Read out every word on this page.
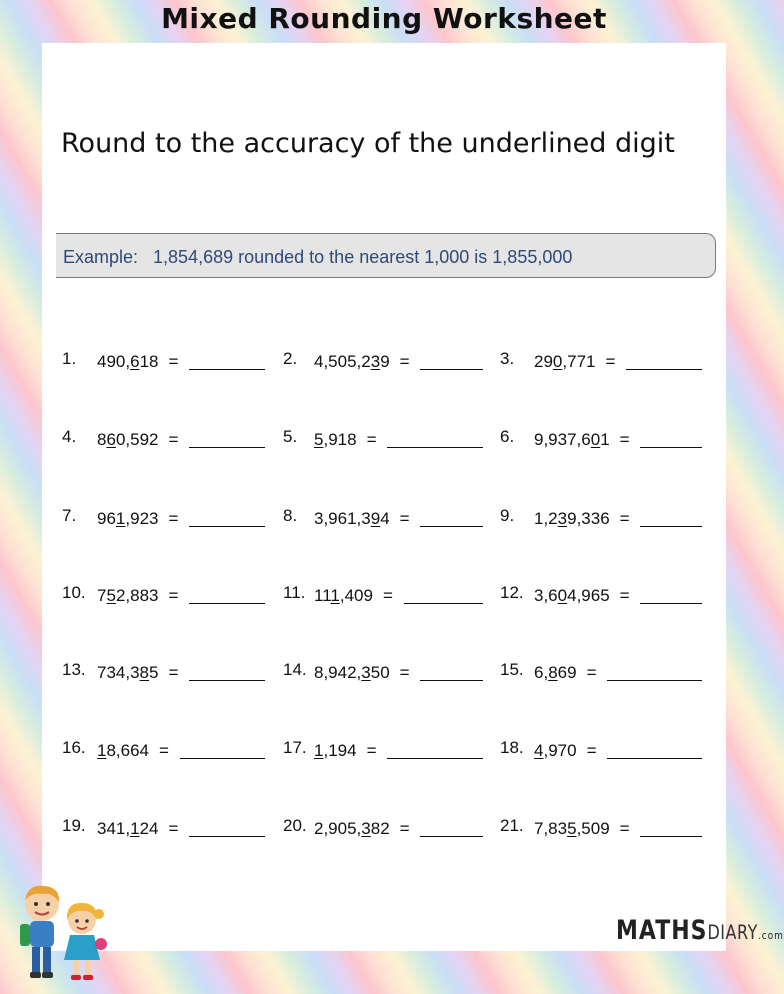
Mixed Rounding Worksheet
Round to the accuracy of the underlined digit
Example:   1,854,689 rounded to the nearest 1,000 is 1,855,000
1. 490,618 =	2. 4,505,239 =	3. 290,771 =
4. 860,592 =	5. 5,918 =	6. 9,937,601 =
7. 961,923 =	8. 3,961,394 =	9. 1,239,336 =
10. 752,883 =	11. 111,409 =	12. 3,604,965 =
13. 734,385 =	14. 8,942,350 =	15. 6,869 =
16. 18,664 =	17. 1,194 =	18. 4,970 =
19. 341,124 =	20. 2,905,382 =	21. 7,835,509 =
MATHSDIARY.com
